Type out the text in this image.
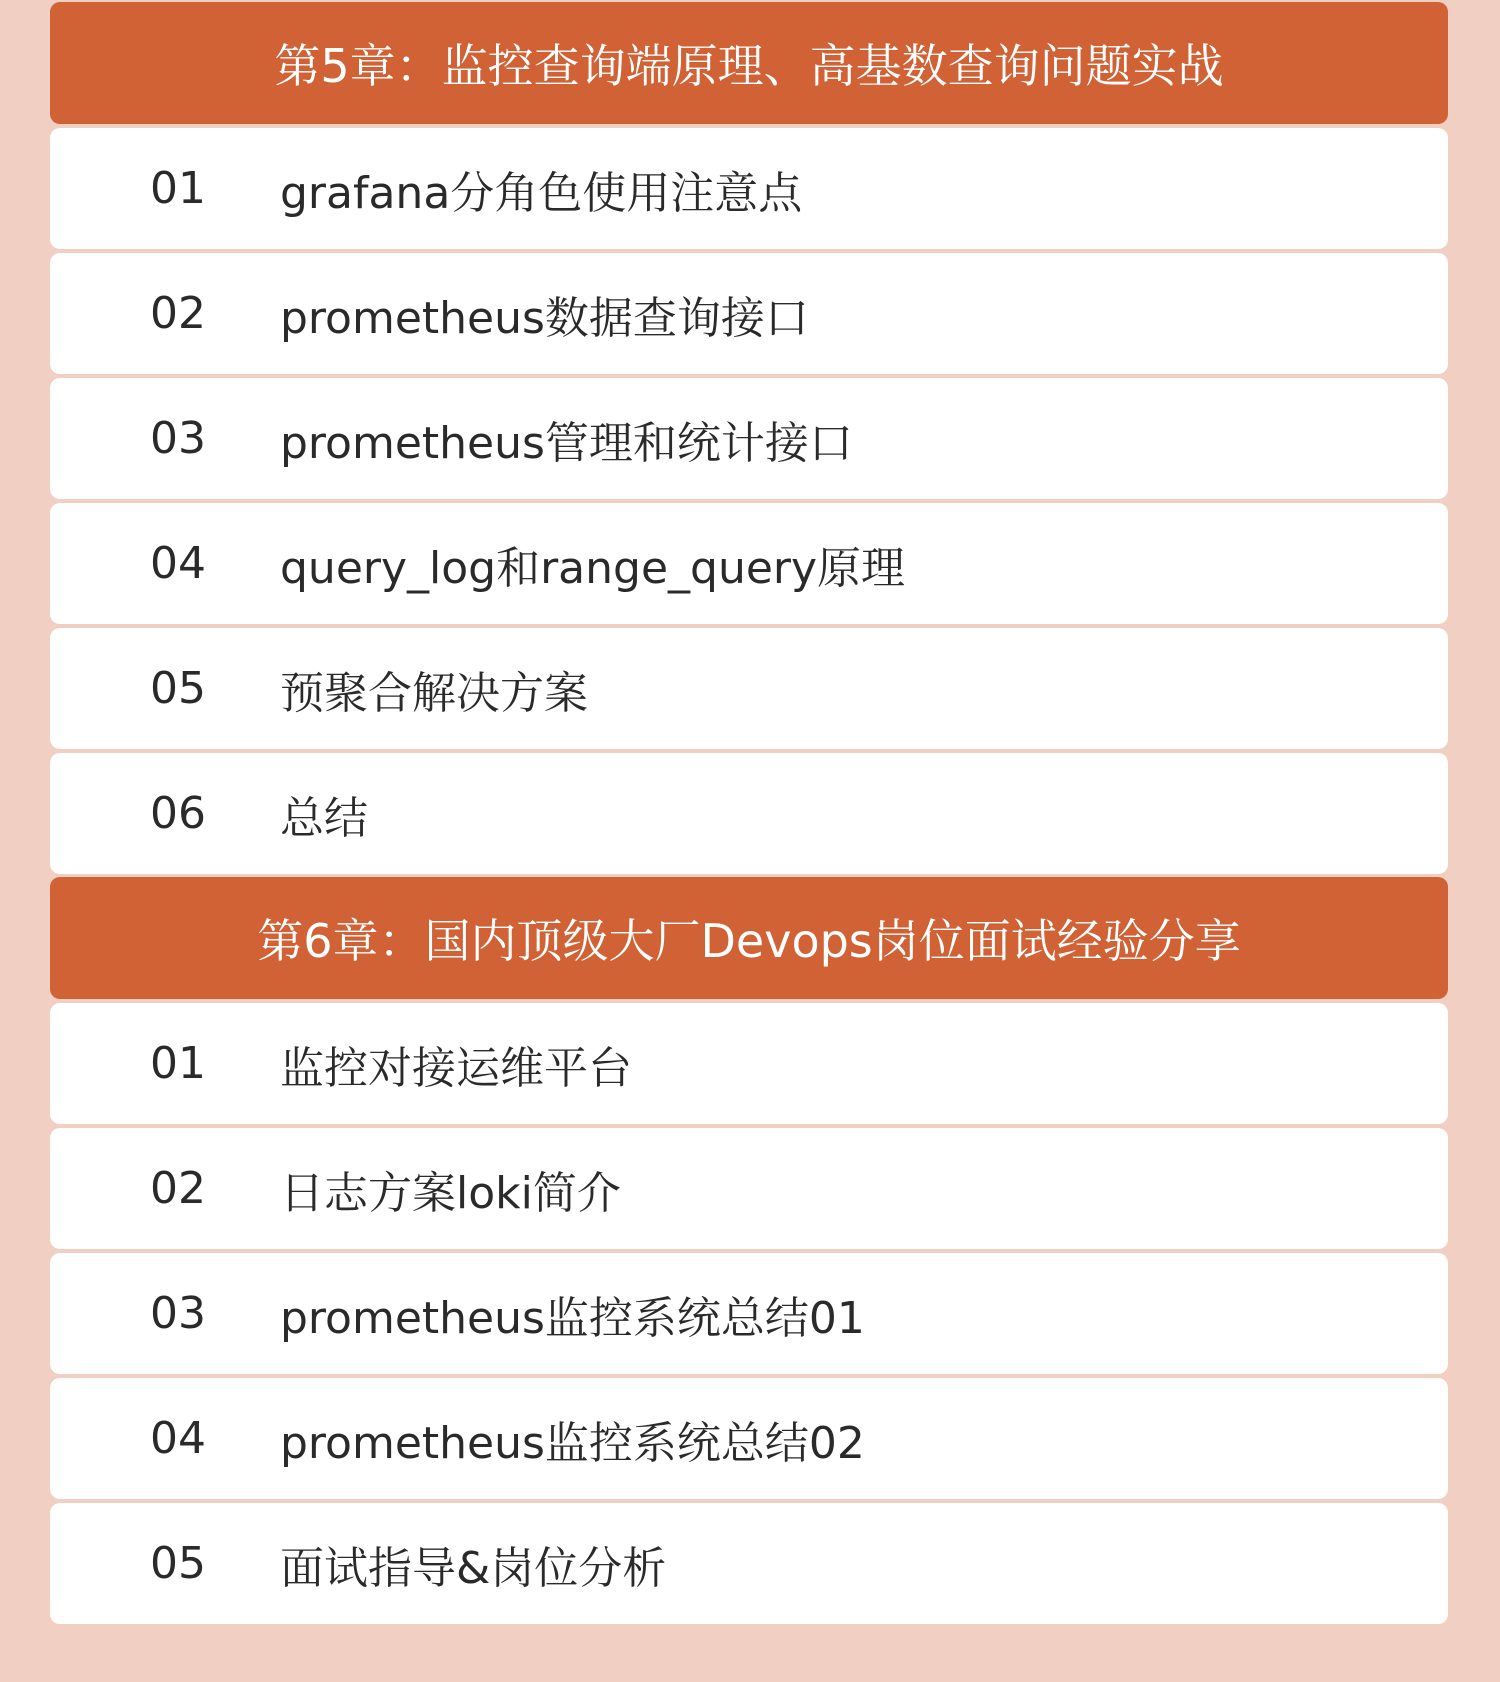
第5章：监控查询端原理、高基数查询问题实战
01	grafana分角色使用注意点
02	prometheus数据查询接口
03	prometheus管理和统计接口
04	query_log和range_query原理
05	预聚合解决方案
06	总结
第6章：国内顶级大厂Devops岗位面试经验分享
01	监控对接运维平台
02	日志方案loki简介
03	prometheus监控系统总结01
04	prometheus监控系统总结02
05	面试指导&岗位分析
